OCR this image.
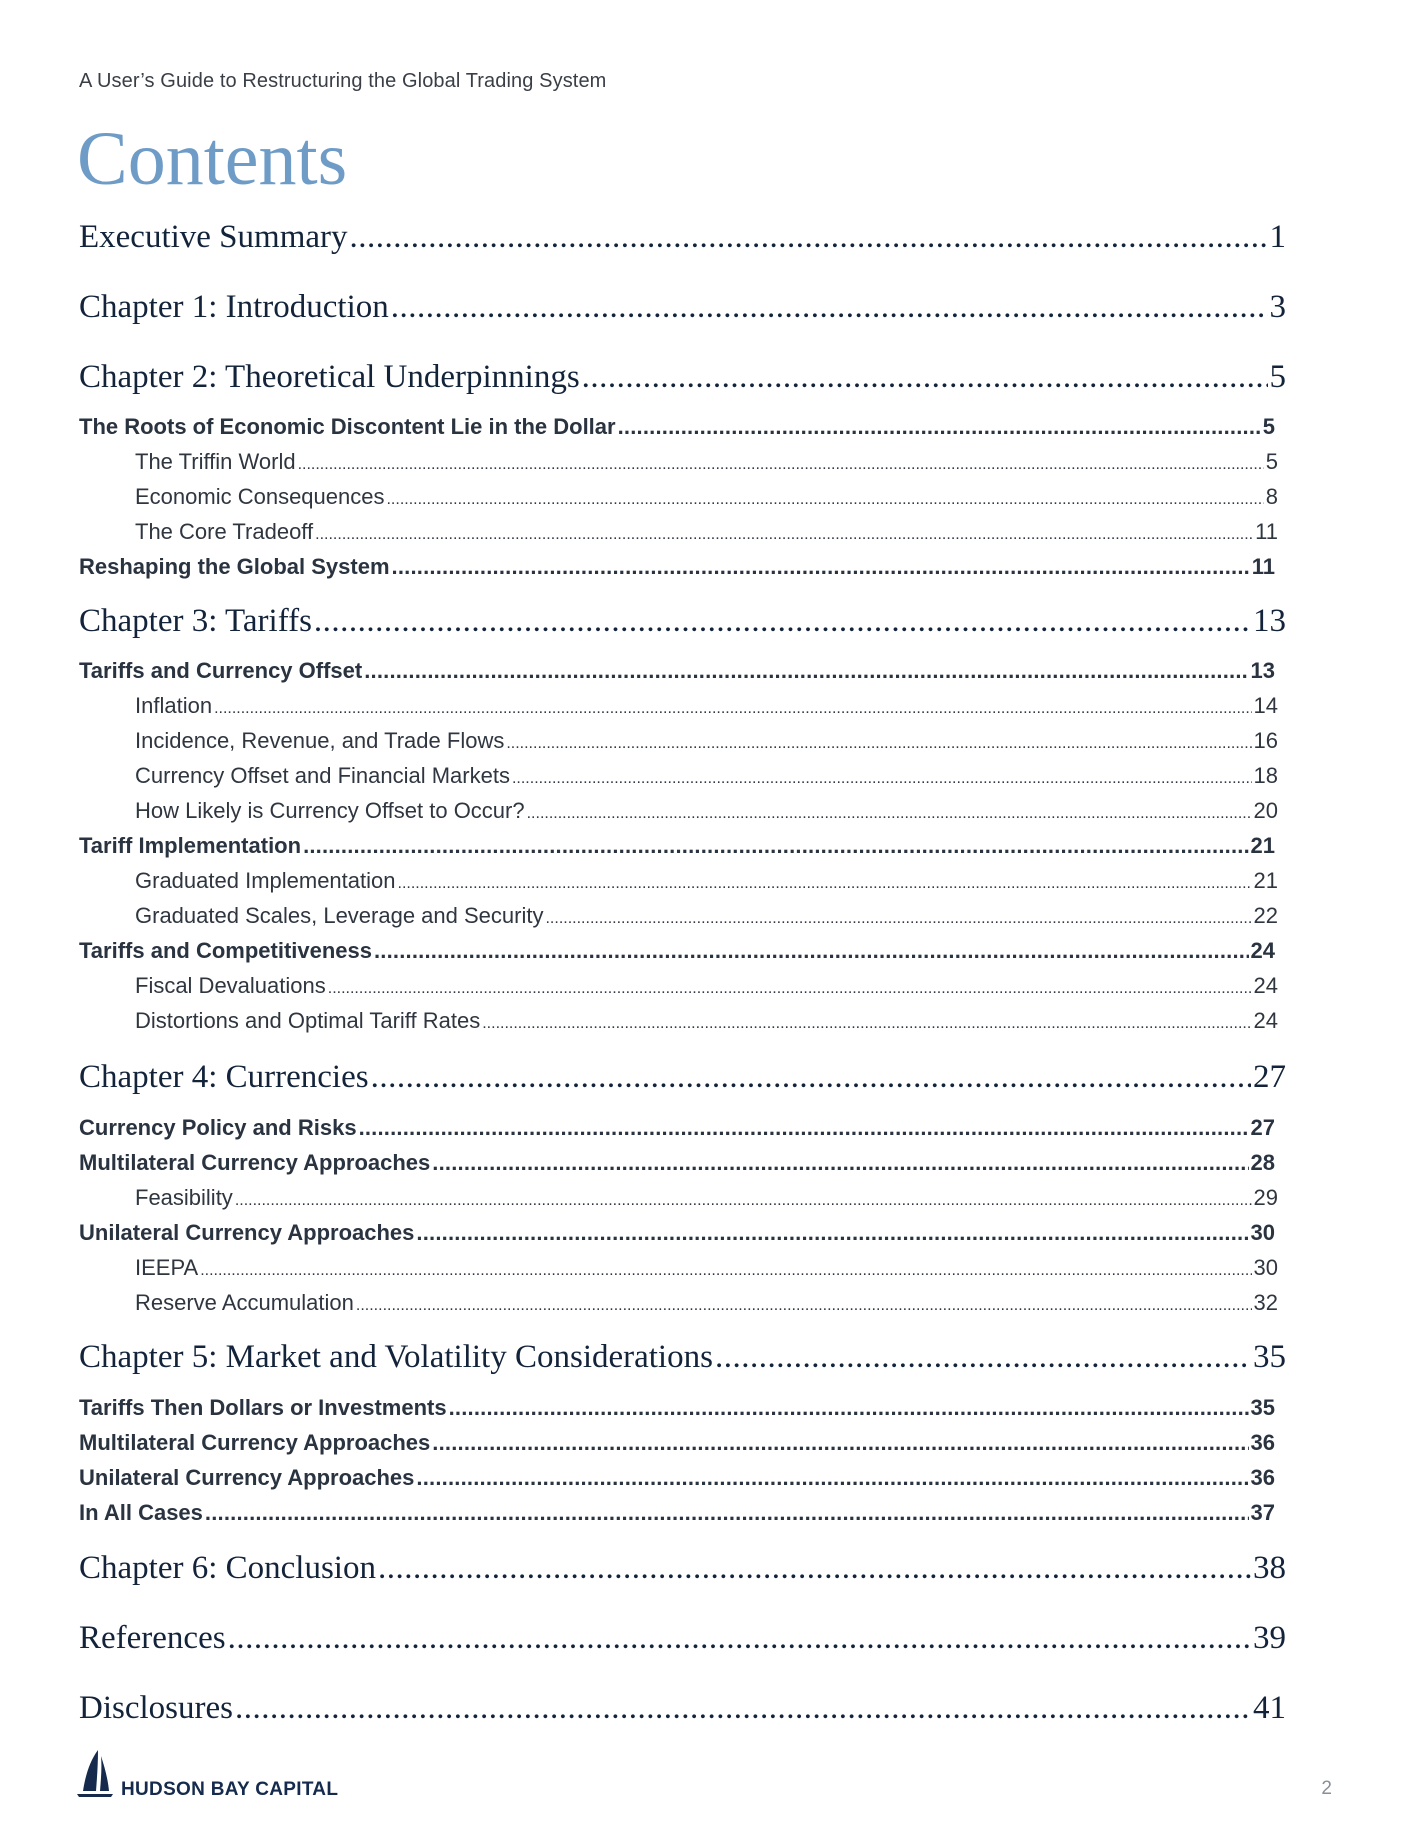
A User’s Guide to Restructuring the Global Trading System
Contents
Executive Summary .....	1
Chapter 1: Introduction .....	3
Chapter 2: Theoretical Underpinnings .....	5
The Roots of Economic Discontent Lie in the Dollar .....	5
The Triffin World .....	5
Economic Consequences .....	8
The Core Tradeoff .....	11
Reshaping the Global System .....	11
Chapter 3: Tariffs .....	13
Tariffs and Currency Offset .....	13
Inflation .....	14
Incidence, Revenue, and Trade Flows .....	16
Currency Offset and Financial Markets .....	18
How Likely is Currency Offset to Occur? .....	20
Tariff Implementation .....	21
Graduated Implementation .....	21
Graduated Scales, Leverage and Security .....	22
Tariffs and Competitiveness .....	24
Fiscal Devaluations .....	24
Distortions and Optimal Tariff Rates .....	24
Chapter 4: Currencies .....	27
Currency Policy and Risks .....	27
Multilateral Currency Approaches .....	28
Feasibility .....	29
Unilateral Currency Approaches .....	30
IEEPA .....	30
Reserve Accumulation .....	32
Chapter 5: Market and Volatility Considerations .....	35
Tariffs Then Dollars or Investments .....	35
Multilateral Currency Approaches .....	36
Unilateral Currency Approaches .....	36
In All Cases .....	37
Chapter 6: Conclusion .....	38
References .....	39
Disclosures .....	41
HUDSON BAY CAPITAL	2
